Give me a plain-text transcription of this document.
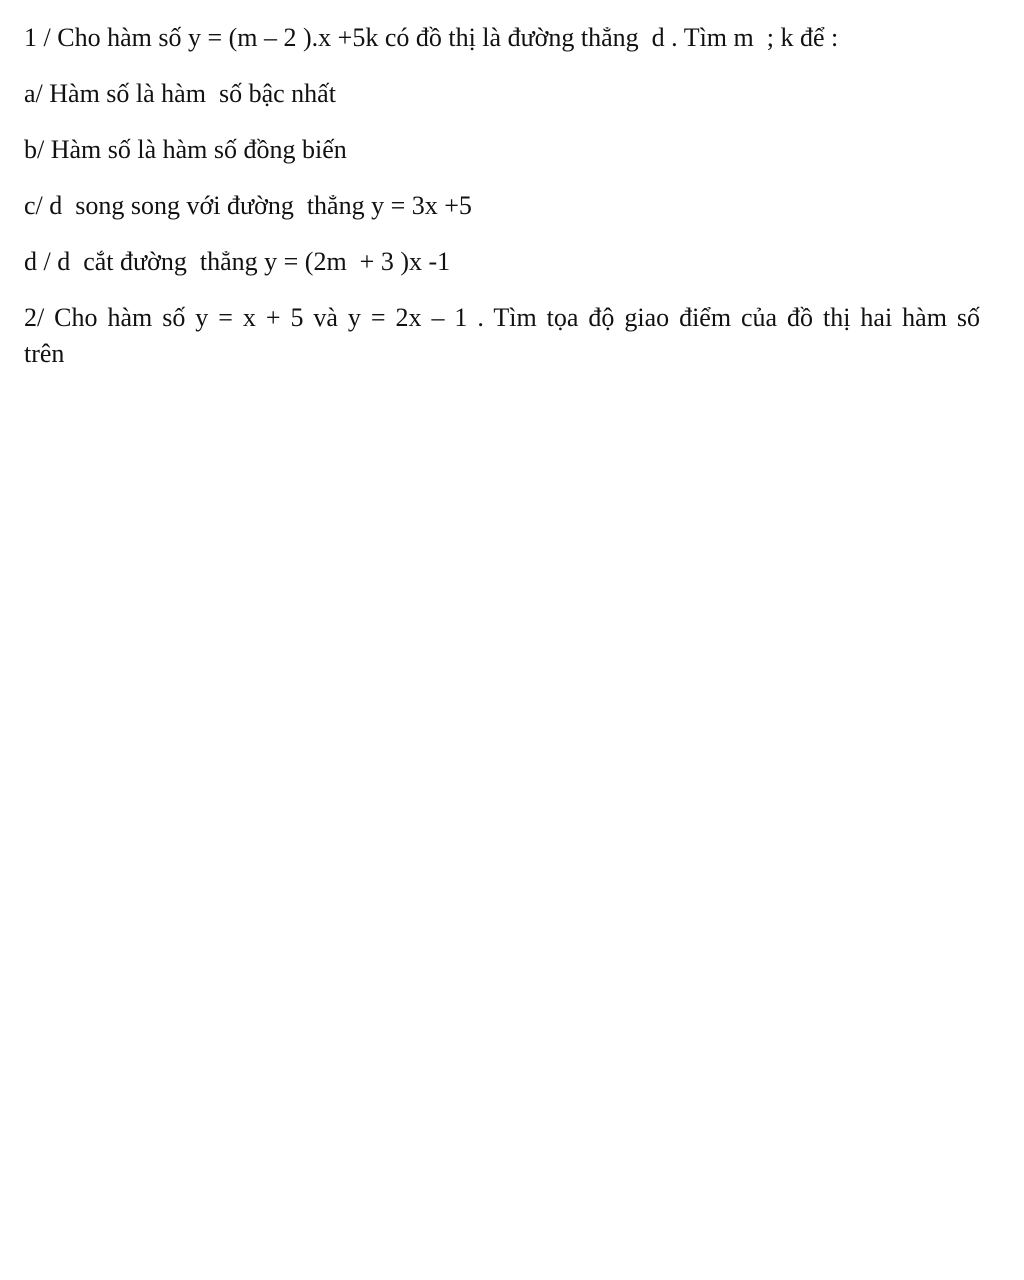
1 / Cho hàm số y = (m – 2 ).x +5k có đồ thị là đường thẳng  d . Tìm m  ; k để :
a/ Hàm số là hàm  số bậc nhất
b/ Hàm số là hàm số đồng biến
c/ d  song song với đường  thẳng y = 3x +5
d / d  cắt đường  thẳng y = (2m  + 3 )x -1
2/ Cho hàm số y = x + 5 và y = 2x – 1 . Tìm tọa độ giao điểm của đồ thị hai hàm số
trên
